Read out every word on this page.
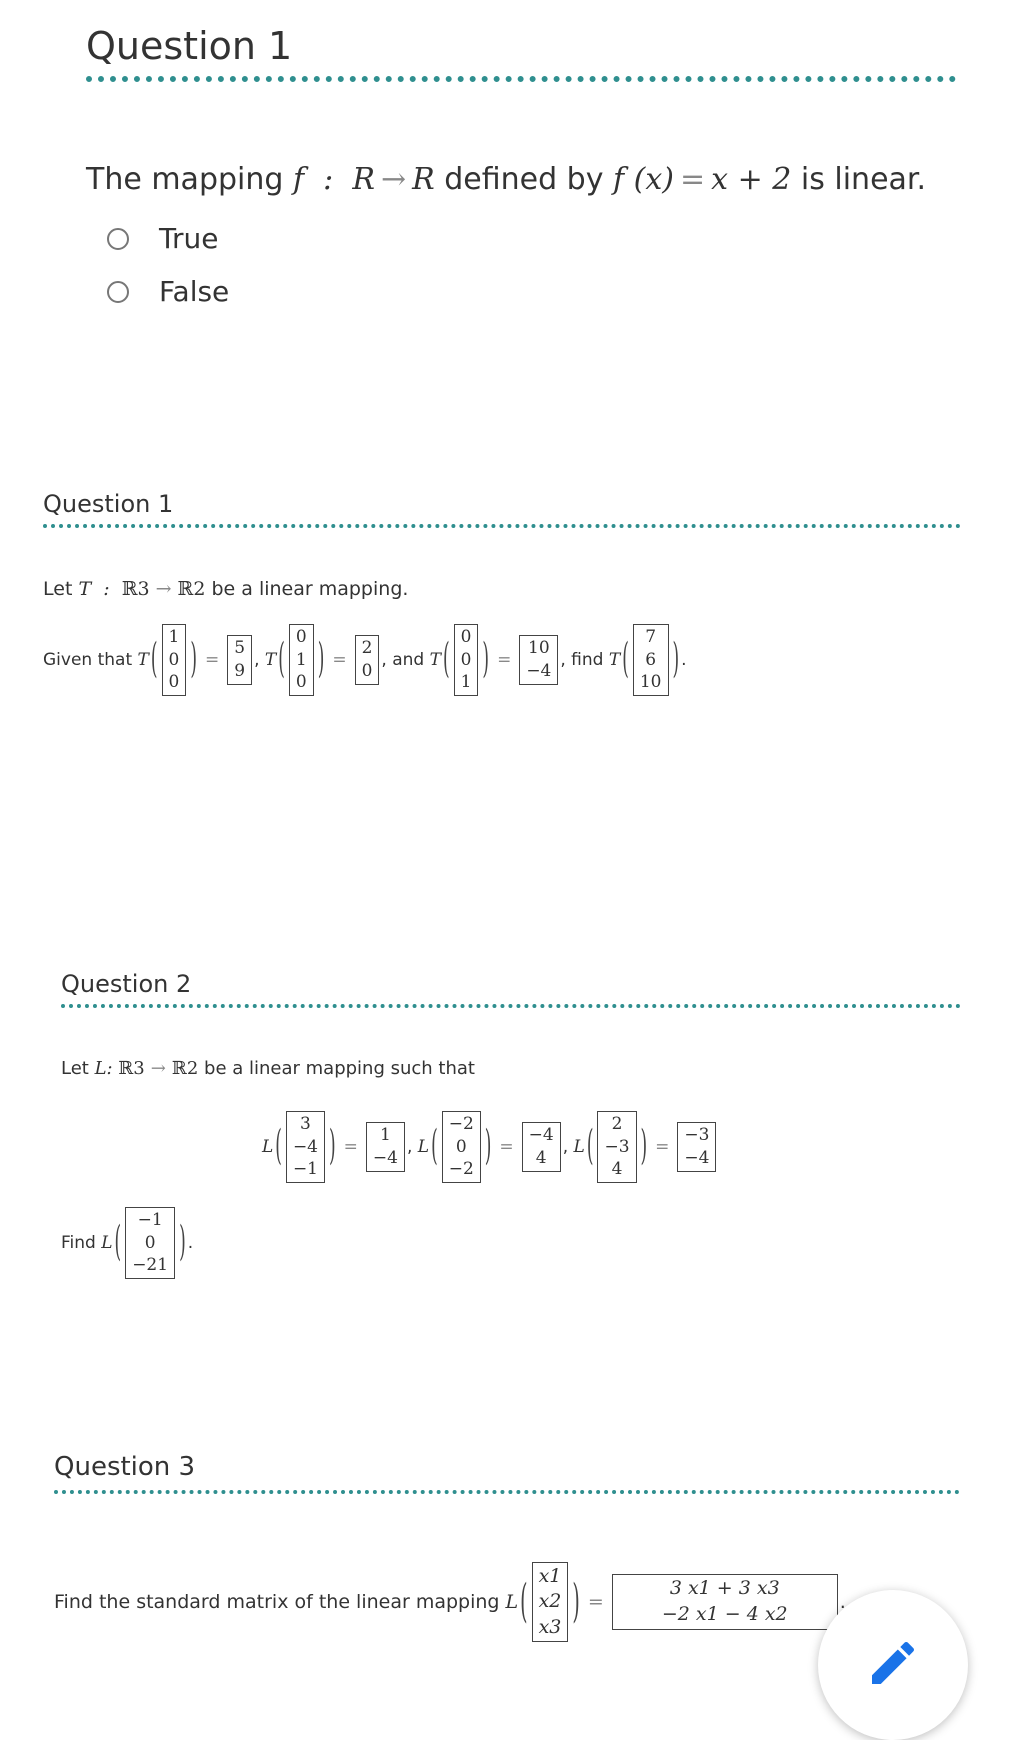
Question 1
The mapping
f
:
R → R
defined by
f (x) = x + 2
is linear.
True
False
Question 1
Let
T
:
ℝ3 → ℝ2
be a linear mapping.
Given that
T ( 1
0
0 ) =
5
9
, T ( 0
1
0 ) =
2
0
, and
T ( 0
0
1 ) =
10
−4
, find
T ( 7
6
10 ) .
Question 2
Let
L :
ℝ3 → ℝ2
be a linear mapping such that
L ( 3
−4
−1 ) =
1
−4
, L ( −2
0
−2 ) =
−4
4
, L ( 2
−3
4 ) =
−3
−4
Find
L ( −1
0
−21 ) .
Question 3
Find the standard matrix of the linear mapping
L (
x1
x2
x3 ) =
3 x1 + 3 x3
−2 x1 − 4 x2
.
